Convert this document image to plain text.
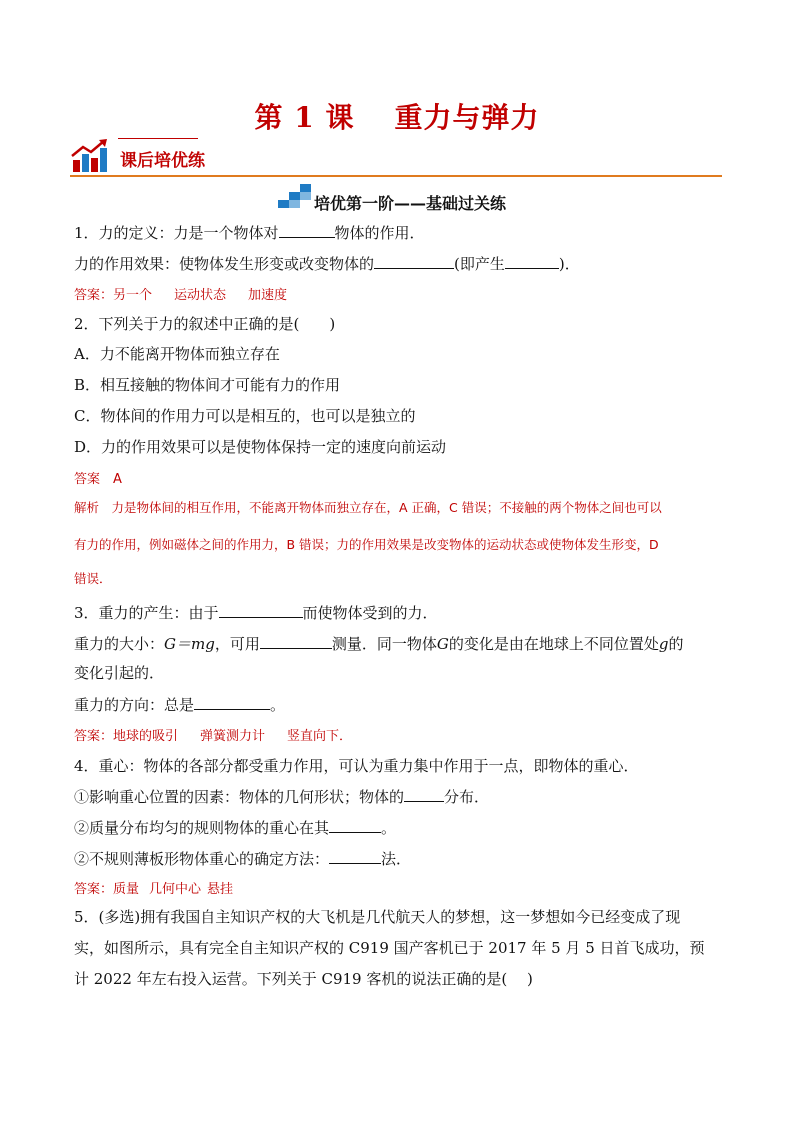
第 1 课 重力与弹力
课后培优练
培优第一阶——基础过关练
1．力的定义：力是一个物体对	物体的作用．
力的作用效果：使物体发生形变或改变物体的	(即产生	)．
答案：另一个 运动状态 加速度
2．下列关于力的叙述中正确的是(　　)
A．力不能离开物体而独立存在
B．相互接触的物体间才可能有力的作用
C．物体间的作用力可以是相互的，也可以是独立的
D．力的作用效果可以是使物体保持一定的速度向前运动
答案　A
解析　力是物体间的相互作用，不能离开物体而独立存在，A 正确，C 错误；不接触的两个物体之间也可以
有力的作用，例如磁体之间的作用力，B 错误；力的作用效果是改变物体的运动状态或使物体发生形变，D
错误．
3．重力的产生：由于	而使物体受到的力．
重力的大小：G＝mg，可用	测量．同一物体G的变化是由在地球上不同位置处g的
变化引起的．
重力的方向：总是	。
答案：地球的吸引 弹簧测力计 竖直向下．
4．重心：物体的各部分都受重力作用，可认为重力集中作用于一点，即物体的重心．
①影响重心位置的因素：物体的几何形状；物体的	分布．
②质量分布均匀的规则物体的重心在其	。
②不规则薄板形物体重心的确定方法：	法．
答案：质量 几何中心 悬挂
5．(多选)拥有我国自主知识产权的大飞机是几代航天人的梦想，这一梦想如今已经变成了现
实，如图所示，具有完全自主知识产权的 C919 国产客机已于 2017 年 5 月 5 日首飞成功，预
计 2022 年左右投入运营。下列关于 C919 客机的说法正确的是(　 )
